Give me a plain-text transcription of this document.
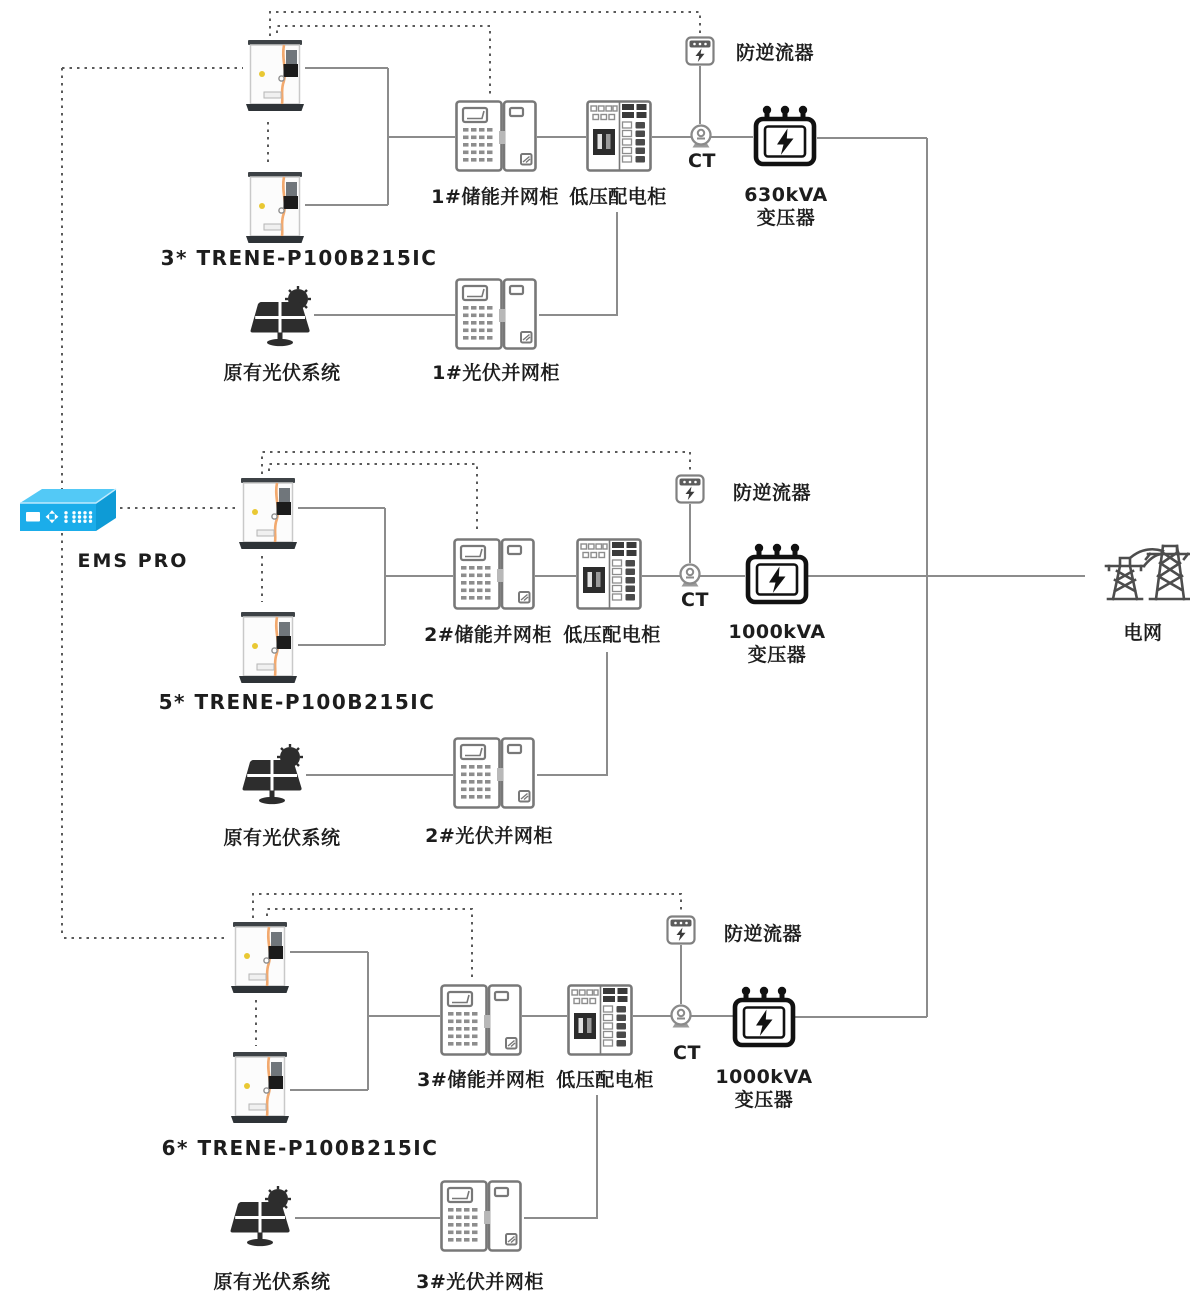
EMS PRO
电网
3* TRENE-P100B215IC
原有光伏系统
1#储能并网柜 低压配电柜
防逆流器
CT
630kVA
变压器
1#光伏并网柜
5* TRENE-P100B215IC
原有光伏系统
2#储能并网柜 低压配电柜
防逆流器
CT
1000kVA
变压器
2#光伏并网柜
6* TRENE-P100B215IC
原有光伏系统
3#储能并网柜 低压配电柜
防逆流器
CT
1000kVA
变压器
3#光伏并网柜
